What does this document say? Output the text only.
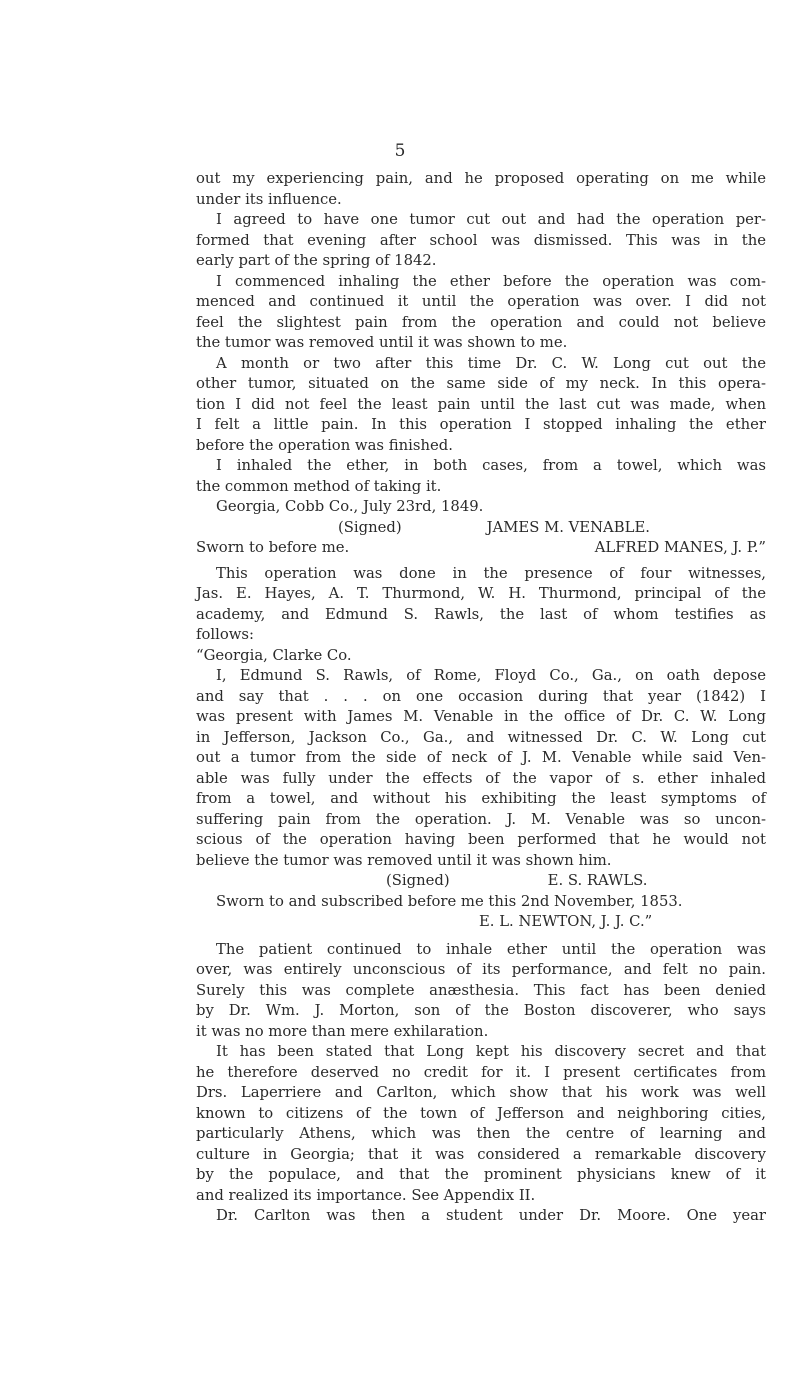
5
out my experiencing pain, and he proposed operating on me while
under its influence.
I agreed to have one tumor cut out and had the operation per-
formed that evening after school was dismissed. This was in the
early part of the spring of 1842.
I commenced inhaling the ether before the operation was com-
menced and continued it until the operation was over. I did not
feel the slightest pain from the operation and could not believe
the tumor was removed until it was shown to me.
A month or two after this time Dr. C. W. Long cut out the
other tumor, situated on the same side of my neck. In this opera-
tion I did not feel the least pain until the last cut was made, when
I felt a little pain. In this operation I stopped inhaling the ether
before the operation was finished.
I inhaled the ether, in both cases, from a towel, which was
the common method of taking it.
Georgia, Cobb Co., July 23rd, 1849.
(Signed)	JAMES M. VENABLE.
Sworn to before me.	ALFRED MANES, J. P.”
This operation was done in the presence of four witnesses,
Jas. E. Hayes, A. T. Thurmond, W. H. Thurmond, principal of the
academy, and Edmund S. Rawls, the last of whom testifies as
follows:
“Georgia, Clarke Co.
I, Edmund S. Rawls, of Rome, Floyd Co., Ga., on oath depose
and say that . . . on one occasion during that year (1842) I
was present with James M. Venable in the office of Dr. C. W. Long
in Jefferson, Jackson Co., Ga., and witnessed Dr. C. W. Long cut
out a tumor from the side of neck of J. M. Venable while said Ven-
able was fully under the effects of the vapor of s. ether inhaled
from a towel, and without his exhibiting the least symptoms of
suffering pain from the operation. J. M. Venable was so uncon-
scious of the operation having been performed that he would not
believe the tumor was removed until it was shown him.
(Signed)	E. S. RAWLS.
Sworn to and subscribed before me this 2nd November, 1853.
E. L. NEWTON, J. J. C.”
The patient continued to inhale ether until the operation was
over, was entirely unconscious of its performance, and felt no pain.
Surely this was complete anæsthesia. This fact has been denied
by Dr. Wm. J. Morton, son of the Boston discoverer, who says
it was no more than mere exhilaration.
It has been stated that Long kept his discovery secret and that
he therefore deserved no credit for it. I present certificates from
Drs. Laperriere and Carlton, which show that his work was well
known to citizens of the town of Jefferson and neighboring cities,
particularly Athens, which was then the centre of learning and
culture in Georgia; that it was considered a remarkable discovery
by the populace, and that the prominent physicians knew of it
and realized its importance. See Appendix II.
Dr. Carlton was then a student under Dr. Moore. One year
